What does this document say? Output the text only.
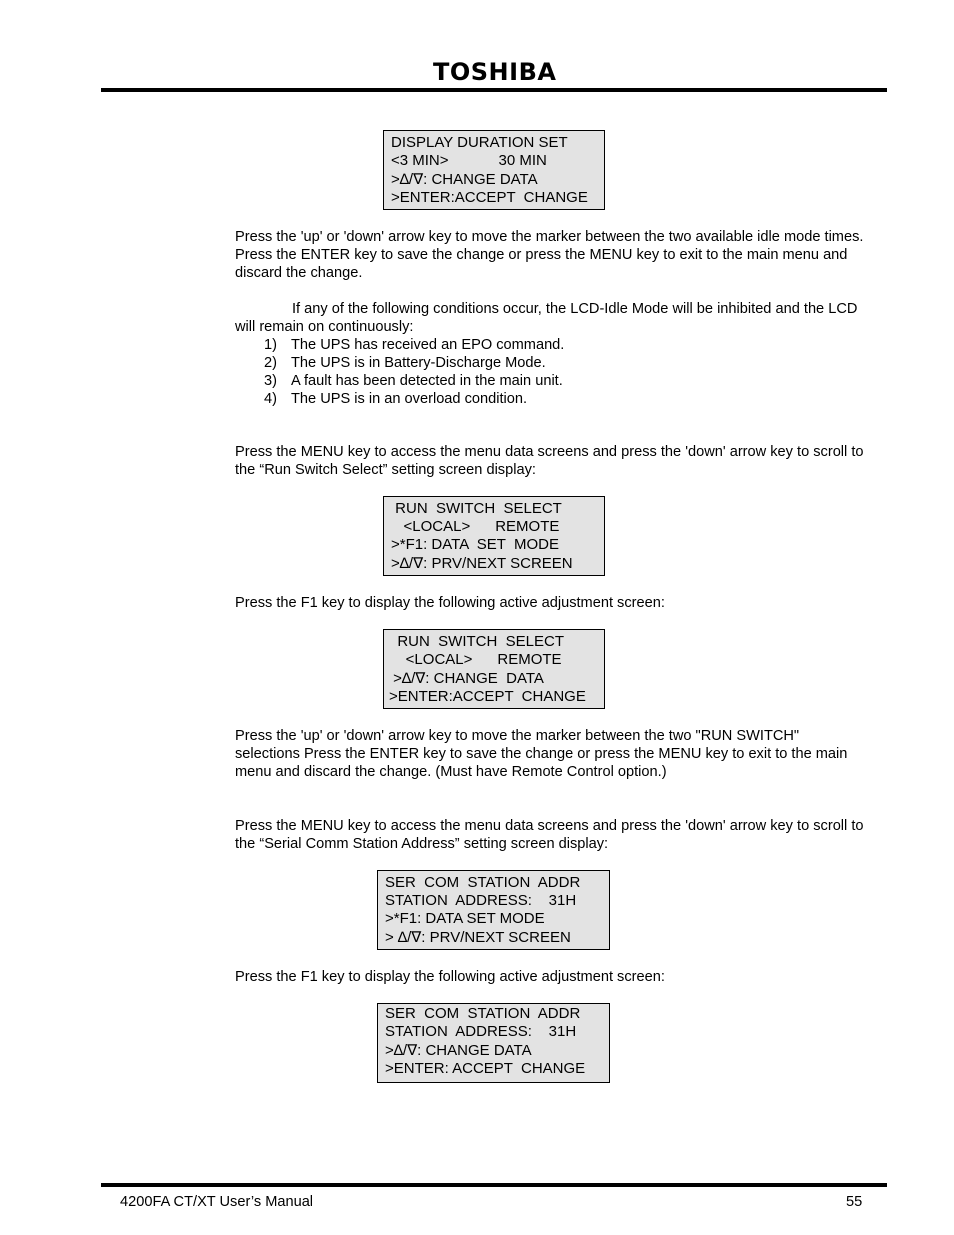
TOSHIBA
DISPLAY DURATION SET
<3 MIN>            30 MIN
>∆/∇: CHANGE DATA
>ENTER:ACCEPT  CHANGE

Press the 'up' or 'down' arrow key to move the marker between the two available idle mode times. Press the ENTER key to save the change or press the MENU key to exit to the main menu and discard the change.

If any of the following conditions occur, the LCD-Idle Mode will be inhibited and the LCD will remain on continuously:

1) The UPS has received an EPO command.
2) The UPS is in Battery-Discharge Mode.
3) A fault has been detected in the main unit.
4) The UPS is in an overload condition.

Press the MENU key to access the menu data screens and press the 'down' arrow key to scroll to the “Run Switch Select” setting screen display:

RUN  SWITCH  SELECT
<LOCAL>      REMOTE
>*F1: DATA  SET  MODE
>∆/∇: PRV/NEXT SCREEN

Press the F1 key to display the following active adjustment screen:

RUN  SWITCH  SELECT
<LOCAL>      REMOTE
>∆/∇: CHANGE  DATA
>ENTER:ACCEPT  CHANGE

Press the 'up' or 'down' arrow key to move the marker between the two "RUN SWITCH" selections Press the ENTER key to save the change or press the MENU key to exit to the main menu and discard the change. (Must have Remote Control option.)

Press the MENU key to access the menu data screens and press the 'down' arrow key to scroll to the “Serial Comm Station Address” setting screen display:

SER  COM  STATION  ADDR
STATION  ADDRESS:    31H
>*F1: DATA SET MODE
> ∆/∇: PRV/NEXT SCREEN

Press the F1 key to display the following active adjustment screen:

SER  COM  STATION  ADDR
STATION  ADDRESS:    31H
>∆/∇: CHANGE DATA
>ENTER: ACCEPT  CHANGE
4200FA CT/XT User’s Manual	55
